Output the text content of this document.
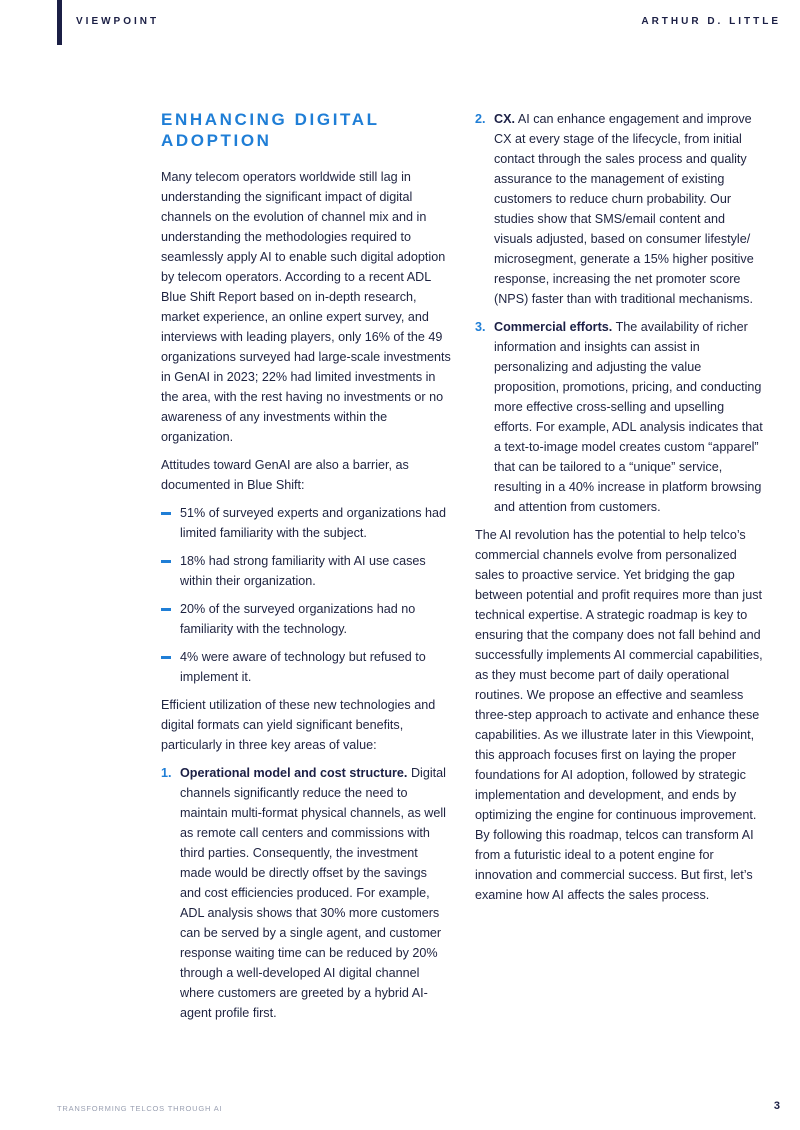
VIEWPOINT	ARTHUR D. LITTLE
ENHANCING DIGITAL ADOPTION

Many telecom operators worldwide still lag in understanding the significant impact of digital channels on the evolution of channel mix and in understanding the methodologies required to seamlessly apply AI to enable such digital adoption by telecom operators. According to a recent ADL Blue Shift Report based on in-depth research, market experience, an online expert survey, and interviews with leading players, only 16% of the 49 organizations surveyed had large-scale investments in GenAI in 2023; 22% had limited investments in the area, with the rest having no investments or no awareness of any investments within the organization.

Attitudes toward GenAI are also a barrier, as documented in Blue Shift:

51% of surveyed experts and organizations had limited familiarity with the subject.
18% had strong familiarity with AI use cases within their organization.
20% of the surveyed organizations had no familiarity with the technology.
4% were aware of technology but refused to implement it.

Efficient utilization of these new technologies and digital formats can yield significant benefits, particularly in three key areas of value:

1. Operational model and cost structure. Digital channels significantly reduce the need to maintain multi-format physical channels, as well as remote call centers and commissions with third parties. Consequently, the investment made would be directly offset by the savings and cost efficiencies produced. For example, ADL analysis shows that 30% more customers can be served by a single agent, and customer response waiting time can be reduced by 20% through a well-developed AI digital channel where customers are greeted by a hybrid AI-agent profile first.
2. CX. AI can enhance engagement and improve CX at every stage of the lifecycle, from initial contact through the sales process and quality assurance to the management of existing customers to reduce churn probability. Our studies show that SMS/email content and visuals adjusted, based on consumer lifestyle/ microsegment, generate a 15% higher positive response, increasing the net promoter score (NPS) faster than with traditional mechanisms.
3. Commercial efforts. The availability of richer information and insights can assist in personalizing and adjusting the value proposition, promotions, pricing, and conducting more effective cross-selling and upselling efforts. For example, ADL analysis indicates that a text-to-image model creates custom “apparel” that can be tailored to a “unique” service, resulting in a 40% increase in platform browsing and attention from customers.

The AI revolution has the potential to help telco’s commercial channels evolve from personalized sales to proactive service. Yet bridging the gap between potential and profit requires more than just technical expertise. A strategic roadmap is key to ensuring that the company does not fall behind and successfully implements AI commercial capabilities, as they must become part of daily operational routines. We propose an effective and seamless three-step approach to activate and enhance these capabilities. As we illustrate later in this Viewpoint, this approach focuses first on laying the proper foundations for AI adoption, followed by strategic implementation and development, and ends by optimizing the engine for continuous improvement. By following this roadmap, telcos can transform AI from a futuristic ideal to a potent engine for innovation and commercial success. But first, let’s examine how AI affects the sales process.

TRANSFORMING TELCOS THROUGH AI	3
